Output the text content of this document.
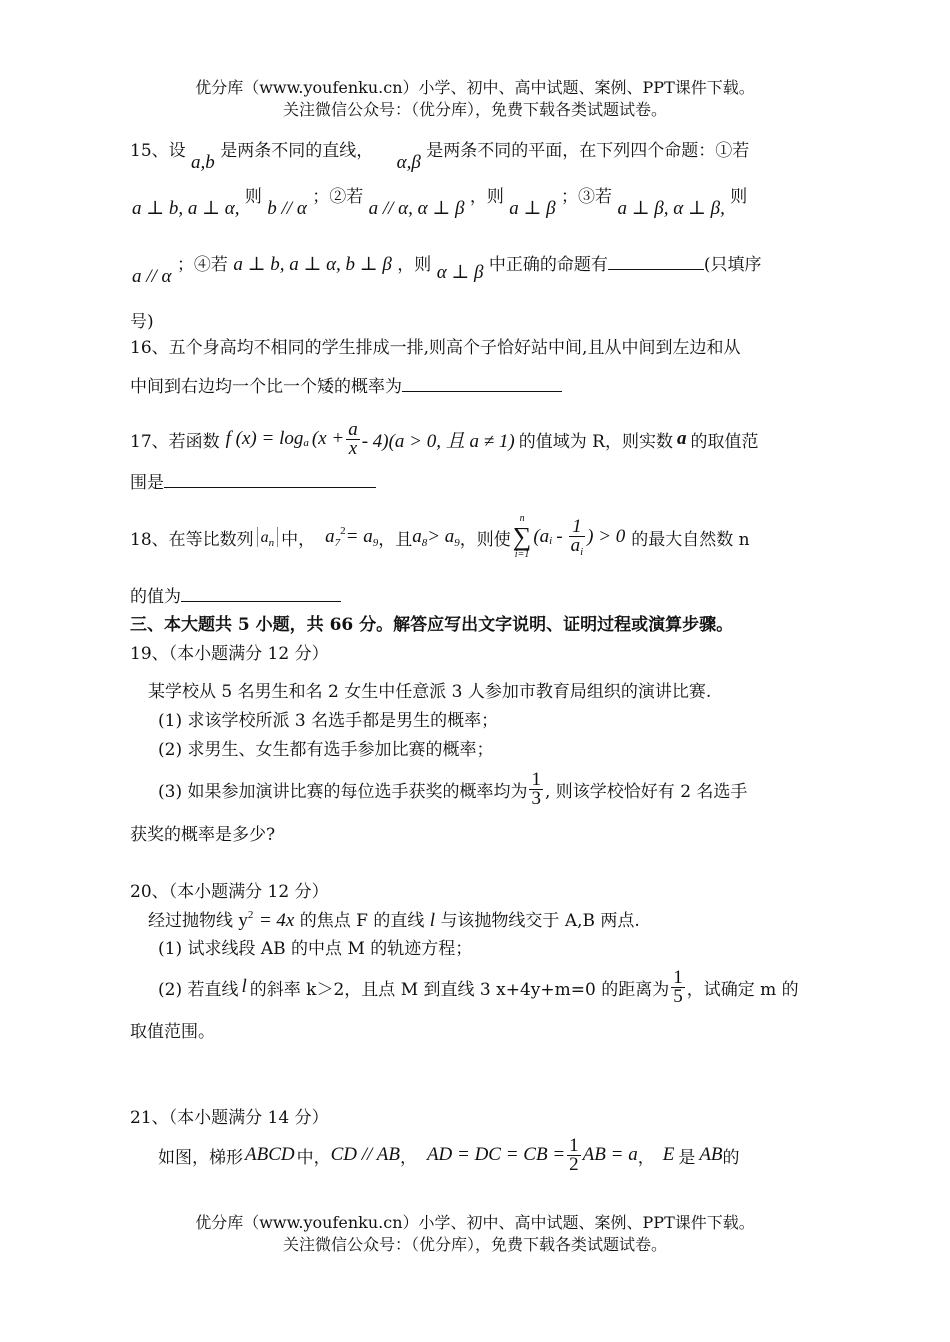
优分库（www.youfenku.cn）小学、初中、高中试题、案例、PPT课件下载。
关注微信公众号：（优分库），免费下载各类试题试卷。
15、设 a,b 是两条不同的直线， α,β 是两条不同的平面，在下列四个命题：①若
a ⊥ b, a ⊥ α, 则 b // α ；②若 a // α, α ⊥ β ，则 a ⊥ β ；③若 a ⊥ β, α ⊥ β, 则
a // α ；④若 a ⊥ b, a ⊥ α, b ⊥ β ，则 α ⊥ β 中正确的命题有	(只填序
号)
16、五个身高均不相同的学生排成一排,则高个子恰好站中间,且从中间到左边和从
中间到右边均一个比一个矮的概率为
17、若函数 f (x) = log a $(x + \frac{a}{x} - 4)(a > 0$, 且 a ≠ 1) 的值域为 R，则实数 a 的取值范
围是
18、在等比数列 $a_n$ 中， $a_7^2= a_9$ ，且 $a_8> a_9$ ，则使
n
∑
i=1
(a i - $\frac{1}{a_i}$ ) > 0 的最大自然数 n
的值为
三、本大题共 5 小题，共 66 分。解答应写出文字说明、证明过程或演算步骤。
19、（本小题满分 12 分）
某学校从 5 名男生和名 2 女生中任意派 3 人参加市教育局组织的演讲比赛.
(1) 求该学校所派 3 名选手都是男生的概率；
(2) 求男生、女生都有选手参加比赛的概率；
(3) 如果参加演讲比赛的每位选手获奖的概率均为 $\frac{1}{3}$ , 则该学校恰好有 2 名选手
获奖的概率是多少?
20、（本小题满分 12 分）
经过抛物线 $y^2 = 4x$ 的焦点 F 的直线 l 与该抛物线交于 A,B 两点.
(1) 试求线段 AB 的中点 M 的轨迹方程；
(2) 若直线 l 的斜率 k＞2，且点 M 到直线 3 x+4y+m=0 的距离为 $\frac{1}{5}$ ，试确定 m 的
取值范围。
21、（本小题满分 14 分）
如图，梯形 ABCD 中， CD // AB ， AD = DC = CB = $\frac{1}{2}$ AB = a ， E 是 AB 的
优分库（www.youfenku.cn）小学、初中、高中试题、案例、PPT课件下载。
关注微信公众号：（优分库），免费下载各类试题试卷。
